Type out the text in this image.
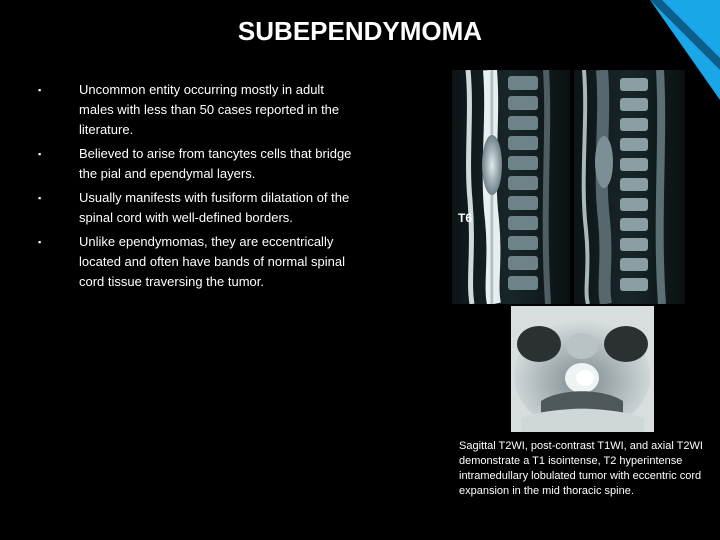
SUBEPENDYMOMA
▪	Uncommon entity occurring mostly in adult males with less than 50 cases reported in the literature.
▪	Believed to arise from tancytes cells that bridge the pial and ependymal layers.
▪	Usually manifests with fusiform dilatation of the spinal cord with well-defined borders.
▪	Unlike ependymomas, they are eccentrically located and often have bands of normal spinal cord tissue traversing the tumor.
T6
Sagittal T2WI, post-contrast T1WI, and axial T2WI demonstrate a T1 isointense, T2 hyperintense intramedullary lobulated tumor with eccentric cord expansion in the mid thoracic spine.
